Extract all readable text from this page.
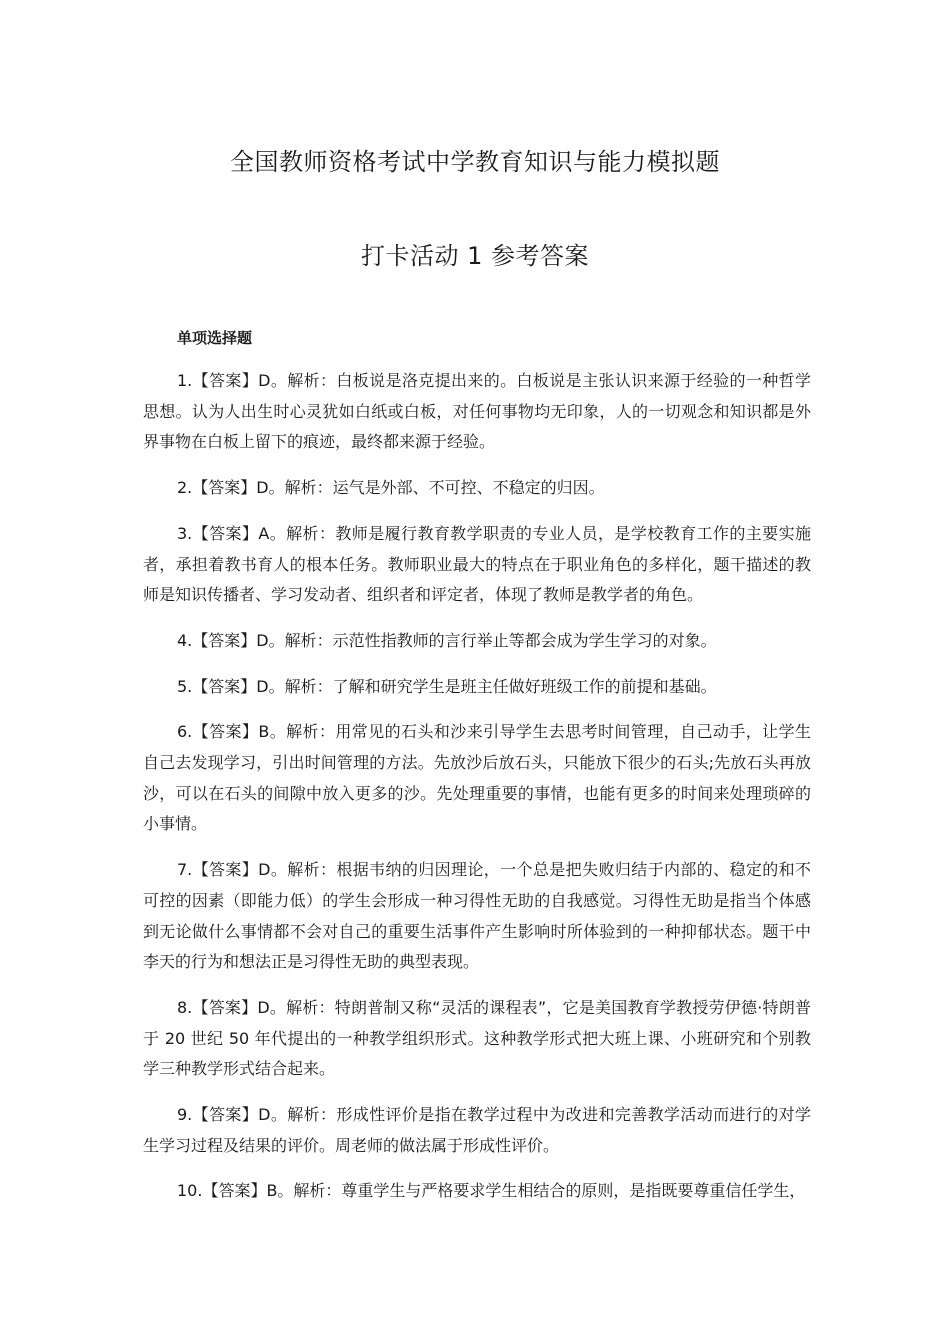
全国教师资格考试中学教育知识与能力模拟题
打卡活动 1 参考答案
单项选择题
1.【答案】D。解析：白板说是洛克提出来的。白板说是主张认识来源于经验的一种哲学思想。认为人出生时心灵犹如白纸或白板，对任何事物均无印象，人的一切观念和知识都是外界事物在白板上留下的痕迹，最终都来源于经验。
2.【答案】D。解析：运气是外部、不可控、不稳定的归因。
3.【答案】A。解析：教师是履行教育教学职责的专业人员，是学校教育工作的主要实施者，承担着教书育人的根本任务。教师职业最大的特点在于职业角色的多样化，题干描述的教师是知识传播者、学习发动者、组织者和评定者，体现了教师是教学者的角色。
4.【答案】D。解析：示范性指教师的言行举止等都会成为学生学习的对象。
5.【答案】D。解析：了解和研究学生是班主任做好班级工作的前提和基础。
6.【答案】B。解析：用常见的石头和沙来引导学生去思考时间管理，自己动手，让学生自己去发现学习，引出时间管理的方法。先放沙后放石头，只能放下很少的石头;先放石头再放沙，可以在石头的间隙中放入更多的沙。先处理重要的事情，也能有更多的时间来处理琐碎的小事情。
7.【答案】D。解析：根据韦纳的归因理论，一个总是把失败归结于内部的、稳定的和不可控的因素（即能力低）的学生会形成一种习得性无助的自我感觉。习得性无助是指当个体感到无论做什么事情都不会对自己的重要生活事件产生影响时所体验到的一种抑郁状态。题干中李天的行为和想法正是习得性无助的典型表现。
8.【答案】D。解析：特朗普制又称“灵活的课程表”，它是美国教育学教授劳伊德·特朗普于 20 世纪 50 年代提出的一种教学组织形式。这种教学形式把大班上课、小班研究和个别教学三种教学形式结合起来。
9.【答案】D。解析：形成性评价是指在教学过程中为改进和完善教学活动而进行的对学生学习过程及结果的评价。周老师的做法属于形成性评价。
10.【答案】B。解析：尊重学生与严格要求学生相结合的原则，是指既要尊重信任学生，
